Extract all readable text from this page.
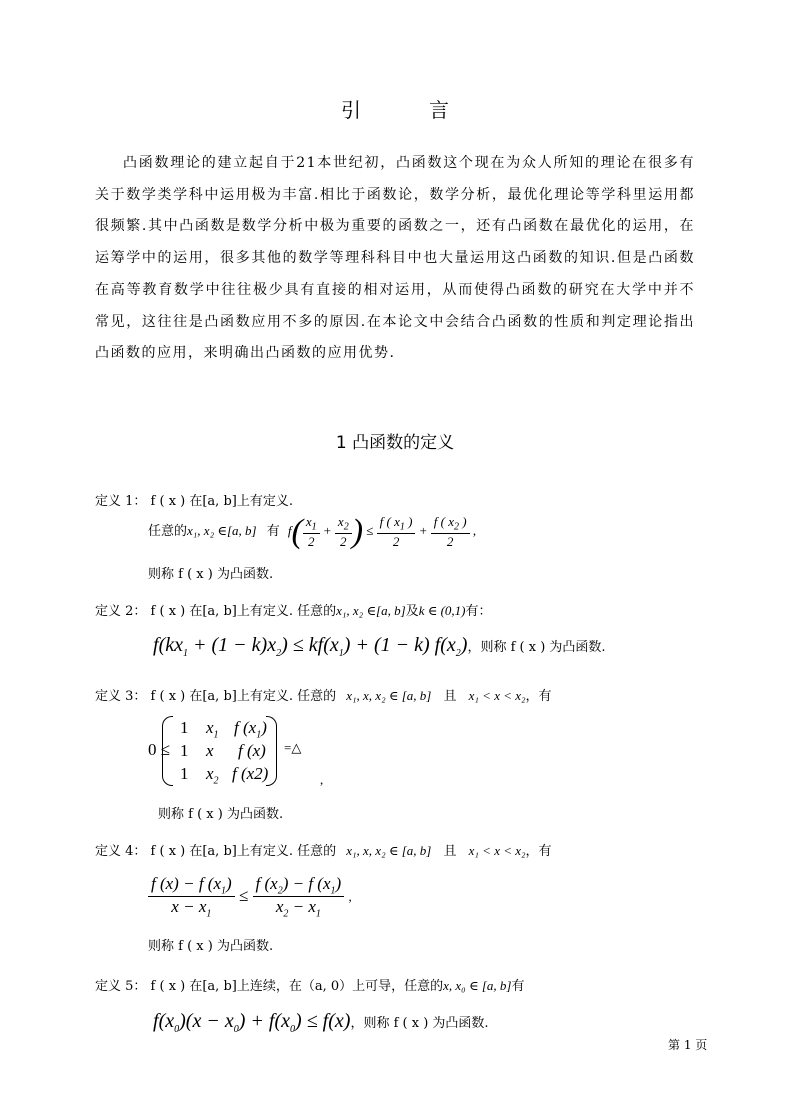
引　言
凸函数理论的建立起自于21本世纪初，凸函数这个现在为众人所知的理论在很多有关于数学类学科中运用极为丰富.相比于函数论，数学分析，最优化理论等学科里运用都很频繁.其中凸函数是数学分析中极为重要的函数之一，还有凸函数在最优化的运用，在运筹学中的运用，很多其他的数学等理科科目中也大量运用这凸函数的知识.但是凸函数在高等教育数学中往往极少具有直接的相对运用，从而使得凸函数的研究在大学中并不常见，这往往是凸函数应用不多的原因.在本论文中会结合凸函数的性质和判定理论指出凸函数的应用，来明确出凸函数的应用优势.
1 凸函数的定义
定义 1： f ( x ) 在[a, b]上有定义.
任意的x₁, x₂ ∈[a, b] 有 $f( \frac{x_1}{2} + \frac{x_2}{2}$ ) ≤ $\frac{f ( x_1 )}{2} + \frac{f ( x_2 )}{2}$ ,
则称 f ( x ) 为凸函数.
定义 2： f ( x ) 在[a, b]上有定义. 任意的x₁, x₂ ∈[a, b]及k ∈ (0,1)有：
$f(kx_1 + (1 - k)x_2) \le kf(x_1) + (1 - k)$ $f(x_2)$，则称 f ( x ) 为凸函数.
定义 3： f ( x ) 在[a, b]上有定义. 任意的 x₁, x, x₂ ∈ [a, b] 且 x₁ < x < x₂，有
0 ≤
1 $x_1$ f $(x_1)$
1 x f (x)
1 $x_2$ f (x2)
=△
,
则称 f ( x ) 为凸函数.
定义 4： f ( x ) 在[a, b]上有定义. 任意的 x₁, x, x₂ ∈ [a, b] 且 x₁ < x < x₂，有
$\frac{f (x) - f (x_1)}{x - x_1} \le \frac{f (x_2) - f (x_1)}{x_2 - x_1}$ ,
则称 f ( x ) 为凸函数.
定义 5： f ( x ) 在[a, b]上连续，在（a, 0）上可导，任意的x, x₀ ∈ [a, b]有
$f(x_0)(x - x_0) + f(x_0) \le f(x)$，则称 f ( x ) 为凸函数.
第 1 页
